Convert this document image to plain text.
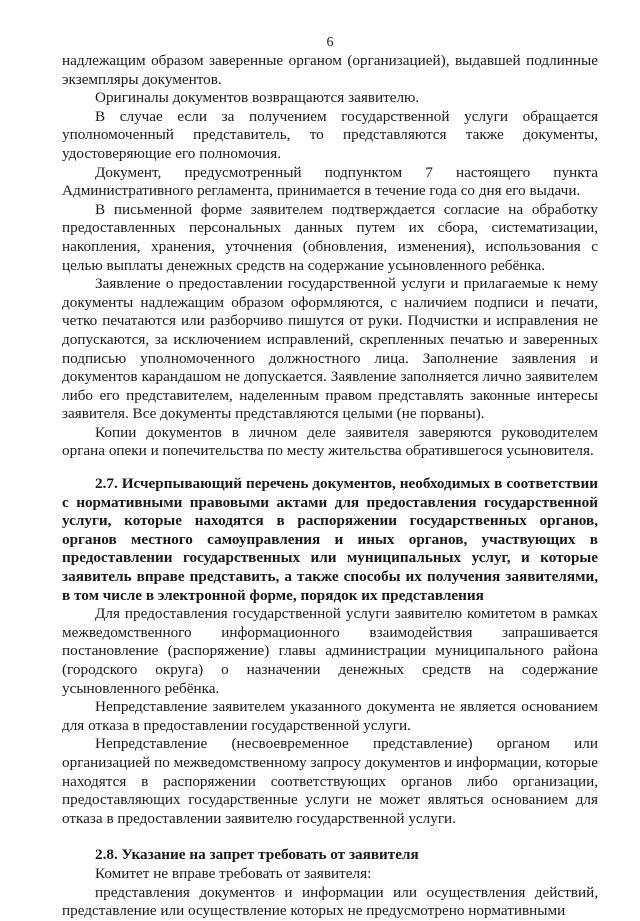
6

надлежащим образом заверенные органом (организацией), выдавшей подлинные экземпляры документов.

Оригиналы документов возвращаются заявителю.

В случае если за получением государственной услуги обращается уполномоченный представитель, то представляются также документы, удостоверяющие его полномочия.

Документ, предусмотренный подпунктом 7 настоящего пункта Административного регламента, принимается в течение года со дня его выдачи.

В письменной форме заявителем подтверждается согласие на обработку предоставленных персональных данных путем их сбора, систематизации, накопления, хранения, уточнения (обновления, изменения), использования с целью выплаты денежных средств на содержание усыновленного ребёнка.

Заявление о предоставлении государственной услуги и прилагаемые к нему документы надлежащим образом оформляются, с наличием подписи и печати, четко печатаются или разборчиво пишутся от руки. Подчистки и исправления не допускаются, за исключением исправлений, скрепленных печатью и заверенных подписью уполномоченного должностного лица. Заполнение заявления и документов карандашом не допускается. Заявление заполняется лично заявителем либо его представителем, наделенным правом представлять законные интересы заявителя. Все документы представляются целыми (не порваны).

Копии документов в личном деле заявителя заверяются руководителем органа опеки и попечительства по месту жительства обратившегося усыновителя.

2.7. Исчерпывающий перечень документов, необходимых в соответствии с нормативными правовыми актами для предоставления государственной услуги, которые находятся в распоряжении государственных органов, органов местного самоуправления и иных органов, участвующих в предоставлении государственных или муниципальных услуг, и которые заявитель вправе представить, а также способы их получения заявителями, в том числе в электронной форме, порядок их представления

Для предоставления государственной услуги заявителю комитетом в рамках межведомственного информационного взаимодействия запрашивается постановление (распоряжение) главы администрации муниципального района (городского округа) о назначении денежных средств на содержание усыновленного ребёнка.

Непредставление заявителем указанного документа не является основанием для отказа в предоставлении государственной услуги.

Непредставление (несвоевременное представление) органом или организацией по межведомственному запросу документов и информации, которые находятся в распоряжении соответствующих органов либо организации, предоставляющих государственные услуги не может являться основанием для отказа в предоставлении заявителю государственной услуги.

2.8. Указание на запрет требовать от заявителя

Комитет не вправе требовать от заявителя:

представления документов и информации или осуществления действий, представление или осуществление которых не предусмотрено нормативными
